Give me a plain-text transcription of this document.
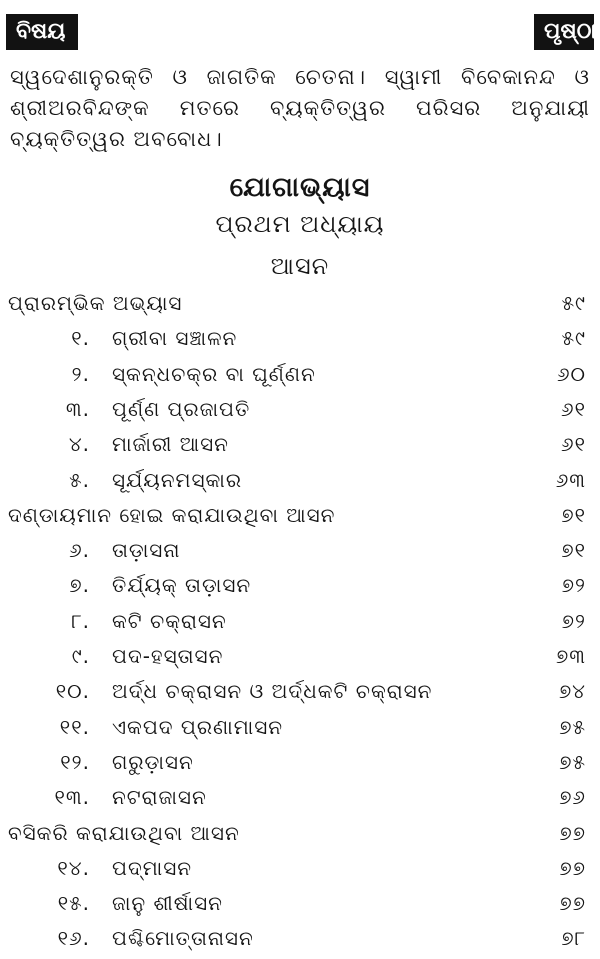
ବିଷୟ	ପୃଷ୍ଠା
ସ୍ୱଦେଶାନୁରକ୍ତି ଓ ଜାଗତିକ ଚେତନା। ସ୍ୱାମୀ ବିବେକାନନ୍ଦ ଓ ଶ୍ରୀଅରବିନ୍ଦଙ୍କ ମତରେ ବ୍ୟକ୍ତିତ୍ୱର ପରିସର ଅନୁଯାୟୀ ବ୍ୟକ୍ତିତ୍ୱର ଅବବୋଧ।
ଯୋଗାଭ୍ୟାସ
ପ୍ରଥମ ଅଧ୍ୟାୟ
ଆସନ
ପ୍ରାରମ୍ଭିକ ଅଭ୍ୟାସ	୫୯
୧. ଗ୍ରୀବା ସଞ୍ଚାଳନ	୫୯
୨. ସ୍କନ୍ଧଚକ୍ର ବା ଘୂର୍ଣ୍ଣନ	୬୦
୩. ପୂର୍ଣ୍ଣ ପ୍ରଜାପତି	୬୧
୪. ମାର୍ଜାରୀ ଆସନ	୬୧
୫. ସୂର୍ଯ୍ୟନମସ୍କାର	୬୩
ଦଣ୍ଡାୟମାନ ହୋଇ କରାଯାଉଥିବା ଆସନ	୭୧
୬. ତାଡ଼ାସନା	୭୧
୭. ତିର୍ଯ୍ୟକ୍ ତାଡ଼ାସନ	୭୨
୮. କଟି ଚକ୍ରାସନ	୭୨
୯. ପଦ-ହସ୍ତାସନ	୭୩
୧୦. ଅର୍ଦ୍ଧ ଚକ୍ରାସନ ଓ ଅର୍ଦ୍ଧକଟି ଚକ୍ରାସନ	୭୪
୧୧. ଏକପଦ ପ୍ରଣାମାସନ	୭୫
୧୨. ଗରୁଡ଼ାସନ	୭୫
୧୩. ନଟରାଜାସନ	୭୬
ବସିକରି କରାଯାଉଥିବା ଆସନ	୭୭
୧୪. ପଦ୍ମାସନ	୭୭
୧୫. ଜାନୁ ଶୀର୍ଷାସନ	୭୭
୧୬. ପଶ୍ଚିମୋତ୍ତାନାସନ	୭୮
